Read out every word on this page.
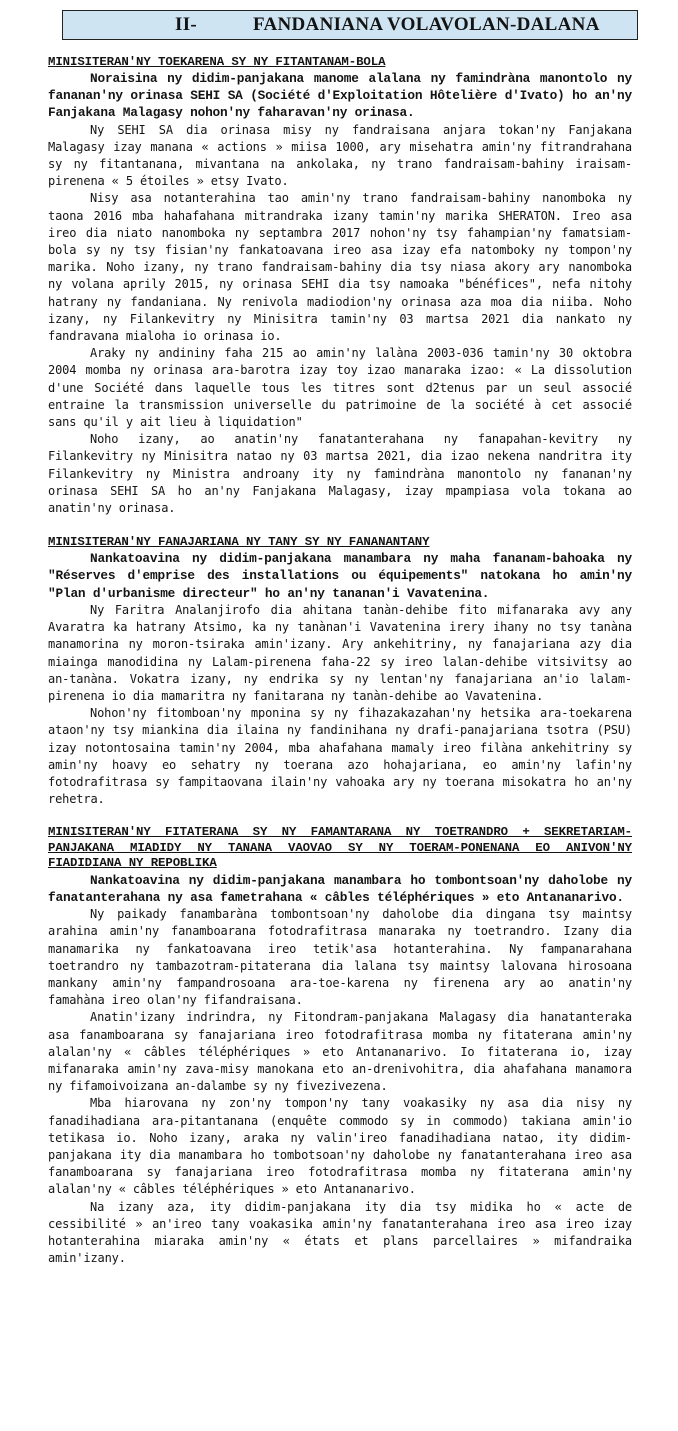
II-	FANDANIANA VOLAVOLAN-DALANA
MINISITERAN'NY TOEKARENA SY NY FITANTANAM-BOLA

Noraisina ny didim-panjakana manome alalana ny famindràna manontolo ny fananan'ny orinasa SEHI SA (Société d'Exploitation Hôtelière d'Ivato) ho an'ny Fanjakana Malagasy nohon'ny faharavan'ny orinasa.

Ny SEHI SA dia orinasa misy ny fandraisana anjara tokan'ny Fanjakana Malagasy izay manana « actions » miisa 1000, ary misehatra amin'ny fitrandrahana sy ny fitantanana, mivantana na ankolaka, ny trano fandraisam-bahiny iraisam-pirenena « 5 étoiles » etsy Ivato.

Nisy asa notanterahina tao amin'ny trano fandraisam-bahiny nanomboka ny taona 2016 mba hahafahana mitrandraka izany tamin'ny marika SHERATON. Ireo asa ireo dia niato nanomboka ny septambra 2017 nohon'ny tsy fahampian'ny famatsiam-bola sy ny tsy fisian'ny fankatoavana ireo asa izay efa natomboky ny tompon'ny marika. Noho izany, ny trano fandraisam-bahiny dia tsy niasa akory ary nanomboka ny volana aprily 2015, ny orinasa SEHI dia tsy namoaka "bénéfices", nefa nitohy hatrany ny fandaniana. Ny renivola madiodion'ny orinasa aza moa dia niiba. Noho izany, ny Filankevitry ny Minisitra tamin'ny 03 martsa 2021 dia nankato ny fandravana mialoha io orinasa io.

Araky ny andininy faha 215 ao amin'ny lalàna 2003-036 tamin'ny 30 oktobra 2004 momba ny orinasa ara-barotra izay toy izao manaraka izao: « La dissolution d'une Société dans laquelle tous les titres sont d2tenus par un seul associé entraine la transmission universelle du patrimoine de la société à cet associé sans qu'il y ait lieu à liquidation"

Noho izany, ao anatin'ny fanatanterahana ny fanapahan-kevitry ny Filankevitry ny Minisitra natao ny 03 martsa 2021, dia izao nekena nandritra ity Filankevitry ny Ministra androany ity ny famindràna manontolo ny fananan'ny orinasa SEHI SA ho an'ny Fanjakana Malagasy, izay mpampiasa vola tokana ao anatin'ny orinasa.

MINISITERAN'NY FANAJARIANA NY TANY SY NY FANANANTANY

Nankatoavina ny didim-panjakana manambara ny maha fananam-bahoaka ny "Réserves d'emprise des installations ou équipements" natokana ho amin'ny "Plan d'urbanisme directeur" ho an'ny tananan'i Vavatenina.

Ny Faritra Analanjirofo dia ahitana tanàn-dehibe fito mifanaraka avy any Avaratra ka hatrany Atsimo, ka ny tanànan'i Vavatenina irery ihany no tsy tanàna manamorina ny moron-tsiraka amin'izany. Ary ankehitriny, ny fanajariana azy dia miainga manodidina ny Lalam-pirenena faha-22 sy ireo lalan-dehibe vitsivitsy ao an-tanàna. Vokatra izany, ny endrika sy ny lentan'ny fanajariana an'io lalam-pirenena io dia mamaritra ny fanitarana ny tanàn-dehibe ao Vavatenina.

Nohon'ny fitomboan'ny mponina sy ny fihazakazahan'ny hetsika ara-toekarena ataon'ny tsy miankina dia ilaina ny fandinihana ny drafi-panajariana tsotra (PSU) izay notontosaina tamin'ny 2004, mba ahafahana mamaly ireo filàna ankehitriny sy amin'ny hoavy eo sehatry ny toerana azo hohajariana, eo amin'ny lafin'ny fotodrafitrasa sy fampitaovana ilain'ny vahoaka ary ny toerana misokatra ho an'ny rehetra.

MINISITERAN'NY FITATERANA SY NY FAMANTARANA NY TOETRANDRO + SEKRETARIAM-PANJAKANA MIADIDY NY TANANA VAOVAO SY NY TOERAM-PONENANA EO ANIVON'NY FIADIDIANA NY REPOBLIKA

Nankatoavina ny didim-panjakana manambara ho tombontsoan'ny daholobe ny fanatanterahana ny asa fametrahana « câbles téléphériques » eto Antananarivo.

Ny paikady fanambaràna tombontsoan'ny daholobe dia dingana tsy maintsy arahina amin'ny fanamboarana fotodrafitrasa manaraka ny toetrandro. Izany dia manamarika ny fankatoavana ireo tetik'asa hotanterahina. Ny fampanarahana toetrandro ny tambazotram-pitaterana dia lalana tsy maintsy lalovana hirosoana mankany amin'ny fampandrosoana ara-toe-karena ny firenena ary ao anatin'ny famahàna ireo olan'ny fifandraisana.

Anatin'izany indrindra, ny Fitondram-panjakana Malagasy dia hanatanteraka asa fanamboarana sy fanajariana ireo fotodrafitrasa momba ny fitaterana amin'ny alalan'ny « câbles téléphériques » eto Antananarivo. Io fitaterana io, izay mifanaraka amin'ny zava-misy manokana eto an-drenivohitra, dia ahafahana manamora ny fifamoivoizana an-dalambe sy ny fivezivezena.

Mba hiarovana ny zon'ny tompon'ny tany voakasiky ny asa dia nisy ny fanadihadiana ara-pitantanana (enquête commodo sy in commodo) takiana amin'io tetikasa io. Noho izany, araka ny valin'ireo fanadihadiana natao, ity didim-panjakana ity dia manambara ho tombotsoan'ny daholobe ny fanatanterahana ireo asa fanamboarana sy fanajariana ireo fotodrafitrasa momba ny fitaterana amin'ny alalan'ny « câbles téléphériques » eto Antananarivo.

Na izany aza, ity didim-panjakana ity dia tsy midika ho « acte de cessibilité » an'ireo tany voakasika amin'ny fanatanterahana ireo asa ireo izay hotanterahina miaraka amin'ny « états et plans parcellaires » mifandraika amin'izany.
